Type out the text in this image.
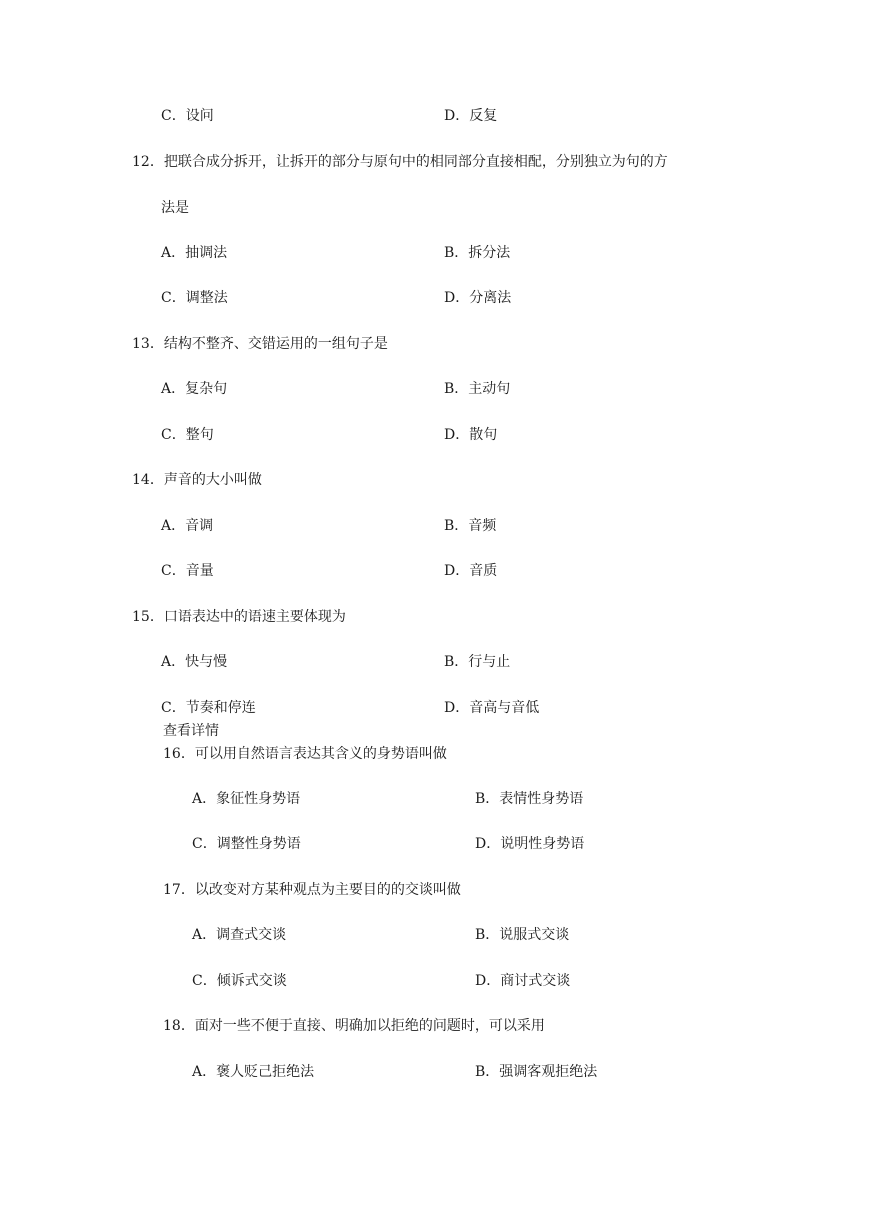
C．设问	D．反复
12．把联合成分拆开，让拆开的部分与原句中的相同部分直接相配，分别独立为句的方
法是
A．抽调法	B．拆分法
C．调整法	D．分离法
13．结构不整齐、交错运用的一组句子是
A．复杂句	B．主动句
C．整句	D．散句
14．声音的大小叫做
A．音调	B．音频
C．音量	D．音质
15．口语表达中的语速主要体现为
A．快与慢	B．行与止
C．节奏和停连	D．音高与音低
查看详情
16．可以用自然语言表达其含义的身势语叫做
A．象征性身势语	B．表情性身势语
C．调整性身势语	D．说明性身势语
17．以改变对方某种观点为主要目的的交谈叫做
A．调查式交谈	B．说服式交谈
C．倾诉式交谈	D．商讨式交谈
18．面对一些不便于直接、明确加以拒绝的问题时，可以采用
A．褒人贬己拒绝法	B．强调客观拒绝法
